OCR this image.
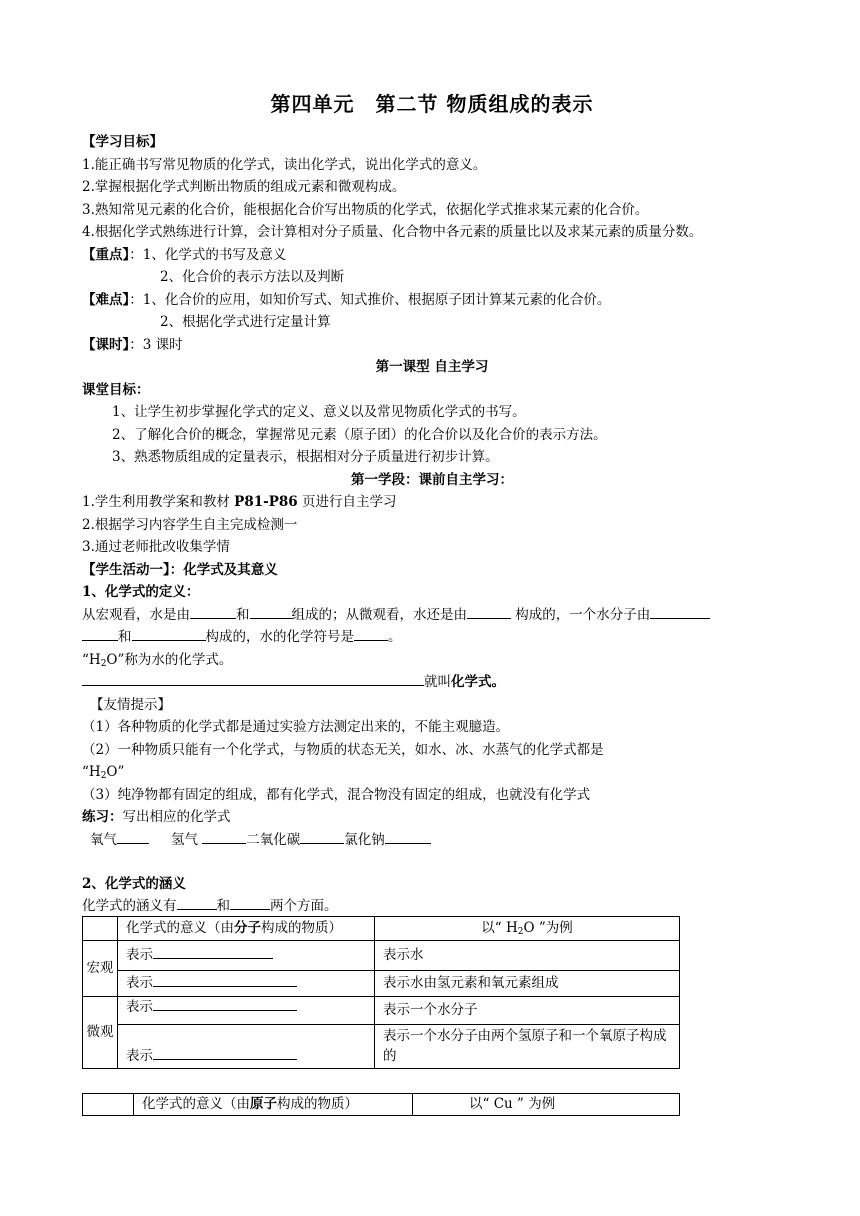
第四单元　第二节 物质组成的表示
【学习目标】
1.能正确书写常见物质的化学式，读出化学式，说出化学式的意义。
2.掌握根据化学式判断出物质的组成元素和微观构成。
3.熟知常见元素的化合价，能根据化合价写出物质的化学式，依据化学式推求某元素的化合价。
4.根据化学式熟练进行计算，会计算相对分子质量、化合物中各元素的质量比以及求某元素的质量分数。
【重点】：1、化学式的书写及意义
2、化合价的表示方法以及判断
【难点】：1、化合价的应用，如知价写式、知式推价、根据原子团计算某元素的化合价。
2、根据化学式进行定量计算
【课时】：3 课时
第一课型 自主学习
课堂目标：
1、让学生初步掌握化学式的定义、意义以及常见物质化学式的书写。
2、了解化合价的概念，掌握常见元素（原子团）的化合价以及化合价的表示方法。
3、熟悉物质组成的定量表示，根据相对分子质量进行初步计算。
第一学段：课前自主学习：
1.学生利用教学案和教材 P81-P86 页进行自主学习
2.根据学习内容学生自主完成检测一
3.通过老师批改收集学情
【学生活动一】：化学式及其意义
1、化学式的定义：
从宏观看，水是由	和	组成的；从微观看，水还是由	构成的，一个水分子由
和	构成的，水的化学符号是	。
“$H_2O$”称为水的化学式。
就叫化学式。
【友情提示】
（1）各种物质的化学式都是通过实验方法测定出来的，不能主观臆造。
（2）一种物质只能有一个化学式，与物质的状态无关，如水、冰、水蒸气的化学式都是
“$H_2O$”
（3）纯净物都有固定的组成，都有化学式，混合物没有固定的组成，也就没有化学式
练习：写出相应的化学式
氧气	氢气	二氧化碳	氯化钠
2、化学式的涵义
化学式的涵义有	和	两个方面。
	化学式的意义（由分子构成的物质）	以“ $H_2O$ ”为例
宏观	表示	表示水
	表示	表示水由氢元素和氧元素组成
微观	表示	表示一个水分子
	表示	表示一个水分子由两个氢原子和一个氧原子构成的
	化学式的意义（由原子构成的物质）	以“ Cu ” 为例
